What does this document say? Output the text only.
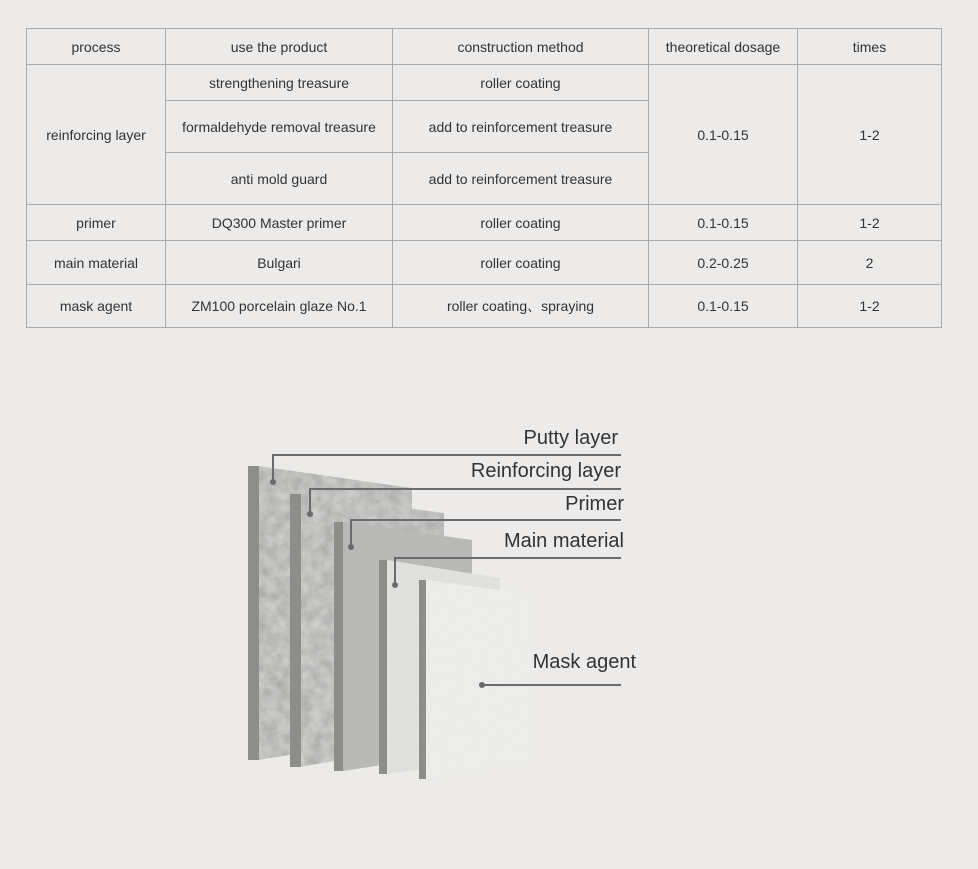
process	use the product	construction method	theoretical dosage	times
reinforcing layer	strengthening treasure	roller coating	0.1-0.15	1-2
	formaldehyde removal treasure	add to reinforcement treasure		
	anti mold guard	add to reinforcement treasure		
primer	DQ300 Master primer	roller coating	0.1-0.15	1-2
main material	Bulgari	roller coating	0.2-0.25	2
mask agent	ZM100 porcelain glaze No.1	roller coating、spraying	0.1-0.15	1-2
Putty layer
Reinforcing layer
Primer
Main material
Mask agent
